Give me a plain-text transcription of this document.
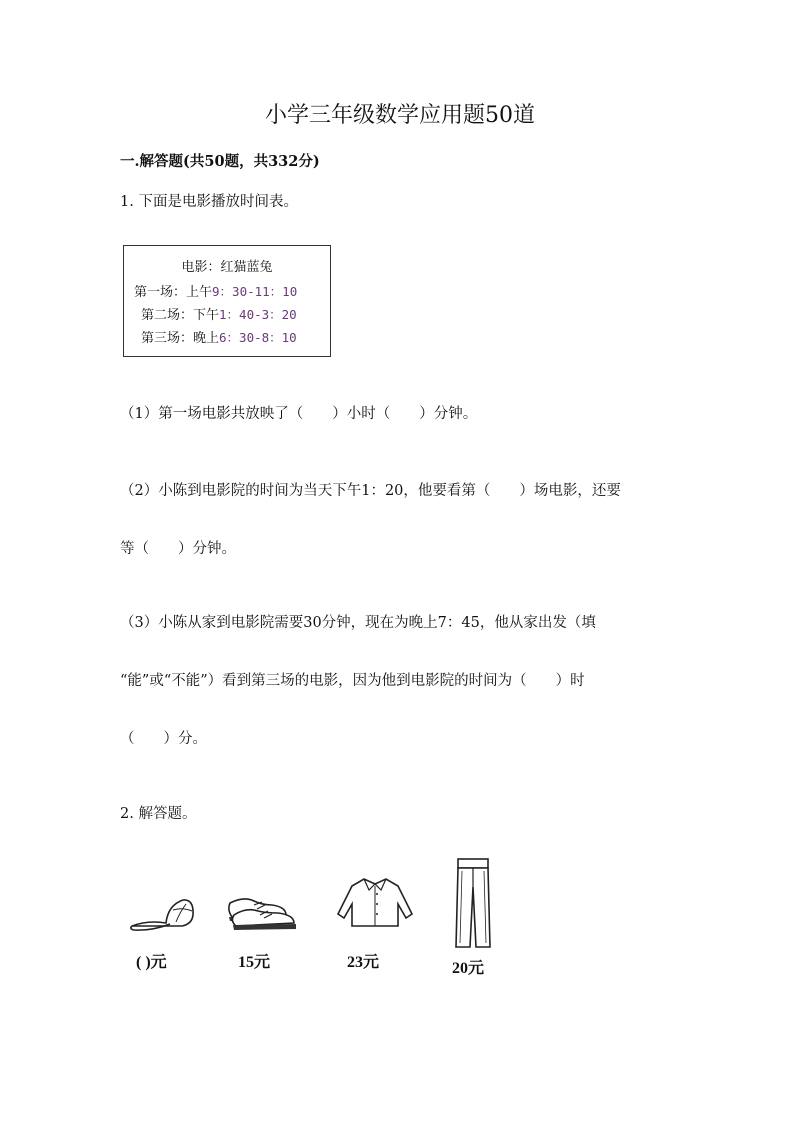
小学三年级数学应用题50道
一.解答题(共50题，共332分)
1. 下面是电影播放时间表。
电影：红猫蓝兔
第一场：上午9：30-11：10
第二场：下午1：40-3：20
第三场：晚上6：30-8：10
（1）第一场电影共放映了（　　）小时（　　）分钟。
（2）小陈到电影院的时间为当天下午1：20，他要看第（　　）场电影，还要
等（　　）分钟。
（3）小陈从家到电影院需要30分钟，现在为晚上7：45，他从家出发（填
“能”或“不能”）看到第三场的电影，因为他到电影院的时间为（　　）时
（　　）分。
2. 解答题。
( )元	15元	23元	20元
